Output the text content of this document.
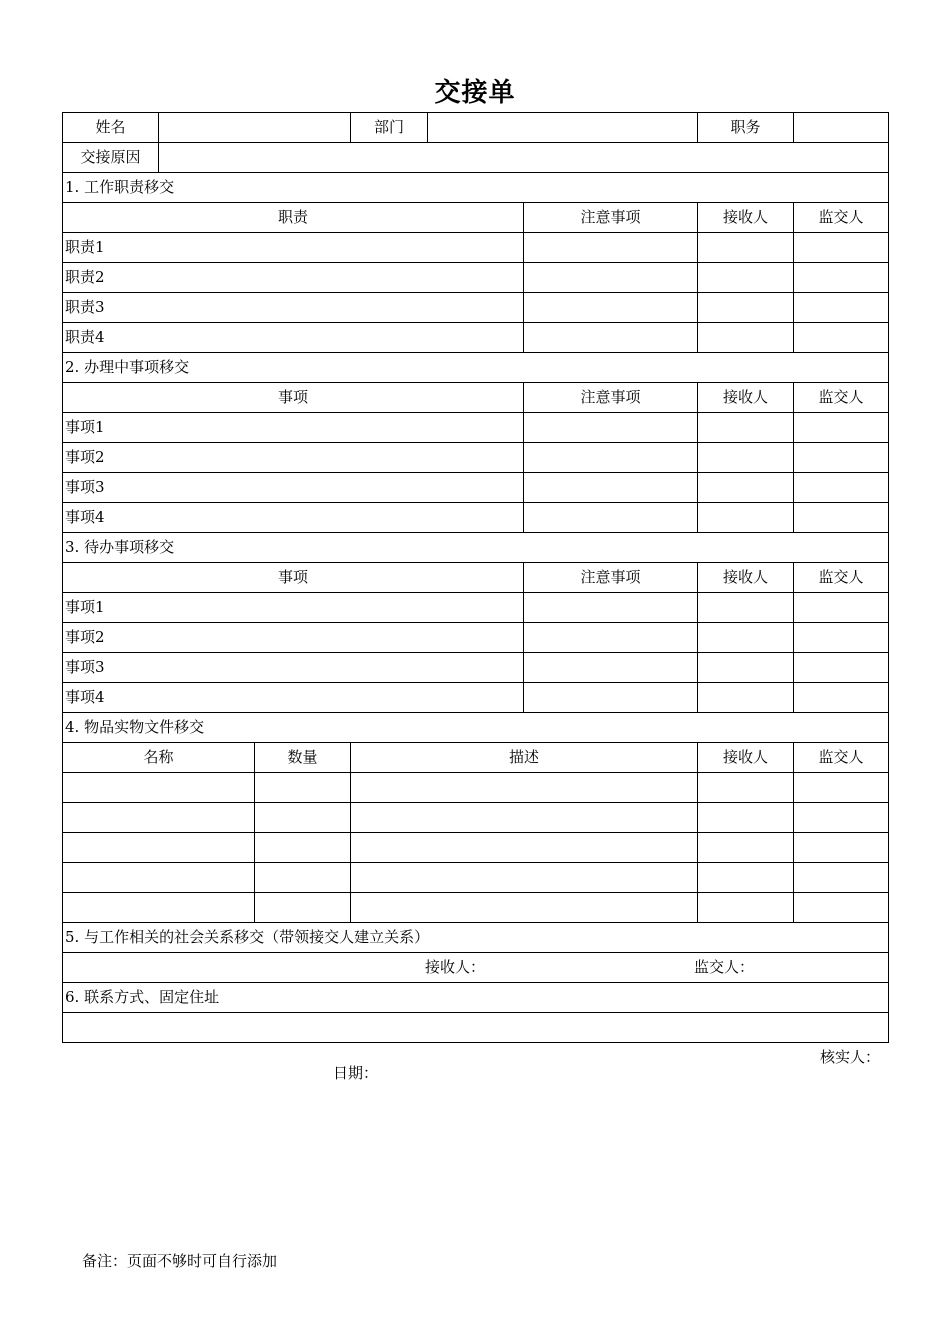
交接单
姓名			部门			职务	
交接原因							
1. 工作职责移交							
职责					注意事项	接收人	监交人
职责1							
职责2							
职责3							
职责4							
2. 办理中事项移交							
事项					注意事项	接收人	监交人
事项1							
事项2							
事项3							
事项4							
3. 待办事项移交							
事项					注意事项	接收人	监交人
事项1							
事项2							
事项3							
事项4							
4. 物品实物文件移交							
名称		数量	描述			接收人	监交人

5. 与工作相关的社会关系移交（带领接交人建立关系）							

接收人： 监交人：							

6. 联系方式、固定住址							

核实人：
日期：							
备注：页面不够时可自行添加
